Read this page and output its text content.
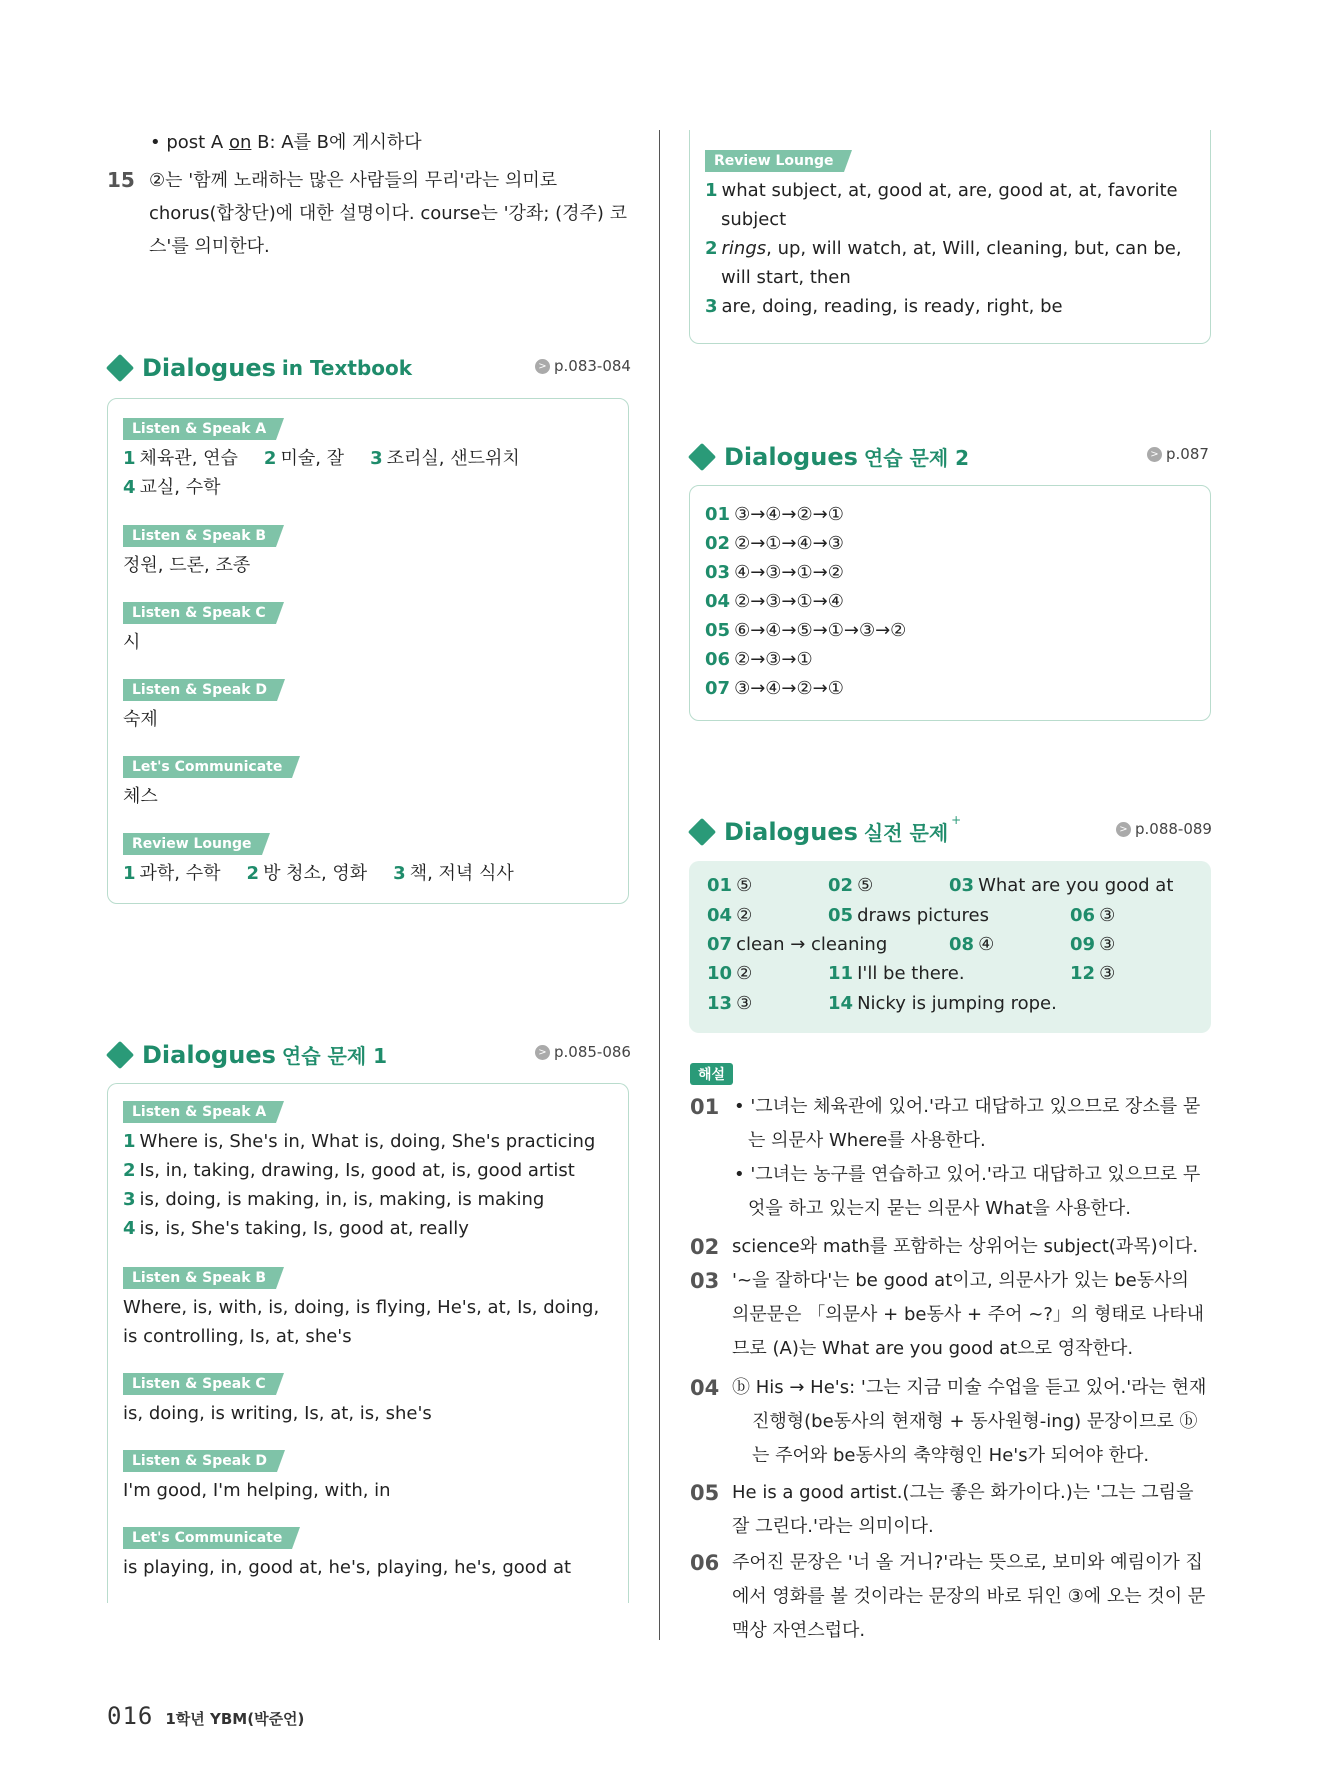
• post A on B: A를 B에 게시하다
15 ②는 '함께 노래하는 많은 사람들의 무리'라는 의미로 chorus(합창단)에 대한 설명이다. course는 '강좌; (경주) 코스'를 의미한다.
Dialogues in Textbook	> p.083-084
Listen & Speak A
1 체육관, 연습 2 미술, 잘 3 조리실, 샌드위치
4 교실, 수학
Listen & Speak B
정원, 드론, 조종
Listen & Speak C
시
Listen & Speak D
숙제
Let's Communicate
체스
Review Lounge
1 과학, 수학 2 방 청소, 영화 3 책, 저녁 식사
Dialogues 연습 문제 1	> p.085-086
Listen & Speak A
1 Where is, She's in, What is, doing, She's practicing
2 Is, in, taking, drawing, Is, good at, is, good artist
3 is, doing, is making, in, is, making, is making
4 is, is, She's taking, Is, good at, really
Listen & Speak B
Where, is, with, is, doing, is flying, He's, at, Is, doing, is controlling, Is, at, she's
Listen & Speak C
is, doing, is writing, Is, at, is, she's
Listen & Speak D
I'm good, I'm helping, with, in
Let's Communicate
is playing, in, good at, he's, playing, he's, good at
Review Lounge
1 what subject, at, good at, are, good at, at, favorite subject
2 rings, up, will watch, at, Will, cleaning, but, can be, will start, then
3 are, doing, reading, is ready, right, be
Dialogues 연습 문제 2	> p.087
01 ③→④→②→①
02 ②→①→④→③
03 ④→③→①→②
04 ②→③→①→④
05 ⑥→④→⑤→①→③→②
06 ②→③→①
07 ③→④→②→①
Dialogues 실전 문제
+
> p.088-089
01 ⑤	02 ⑤	03 What are you good at
04 ②	05 draws pictures	06 ③
07 clean → cleaning	08 ④	09 ③
10 ②	11 I'll be there.	12 ③
13 ③	14 Nicky is jumping rope.
해설
01 • '그녀는 체육관에 있어.'라고 대답하고 있으므로 장소를 묻는 의문사 Where를 사용한다.
• '그녀는 농구를 연습하고 있어.'라고 대답하고 있으므로 무엇을 하고 있는지 묻는 의문사 What을 사용한다.
02 science와 math를 포함하는 상위어는 subject(과목)이다.
03 '~을 잘하다'는 be good at이고, 의문사가 있는 be동사의 의문문은 「의문사 + be동사 + 주어 ~?」의 형태로 나타내므로 (A)는 What are you good at으로 영작한다.
04 ⓑ His → He's: '그는 지금 미술 수업을 듣고 있어.'라는 현재진행형(be동사의 현재형 + 동사원형-ing) 문장이므로 ⓑ는 주어와 be동사의 축약형인 He's가 되어야 한다.
05 He is a good artist.(그는 좋은 화가이다.)는 '그는 그림을 잘 그린다.'라는 의미이다.
06 주어진 문장은 '너 올 거니?'라는 뜻으로, 보미와 예림이가 집에서 영화를 볼 것이라는 문장의 바로 뒤인 ③에 오는 것이 문맥상 자연스럽다.
016 1학년 YBM(박준언)
